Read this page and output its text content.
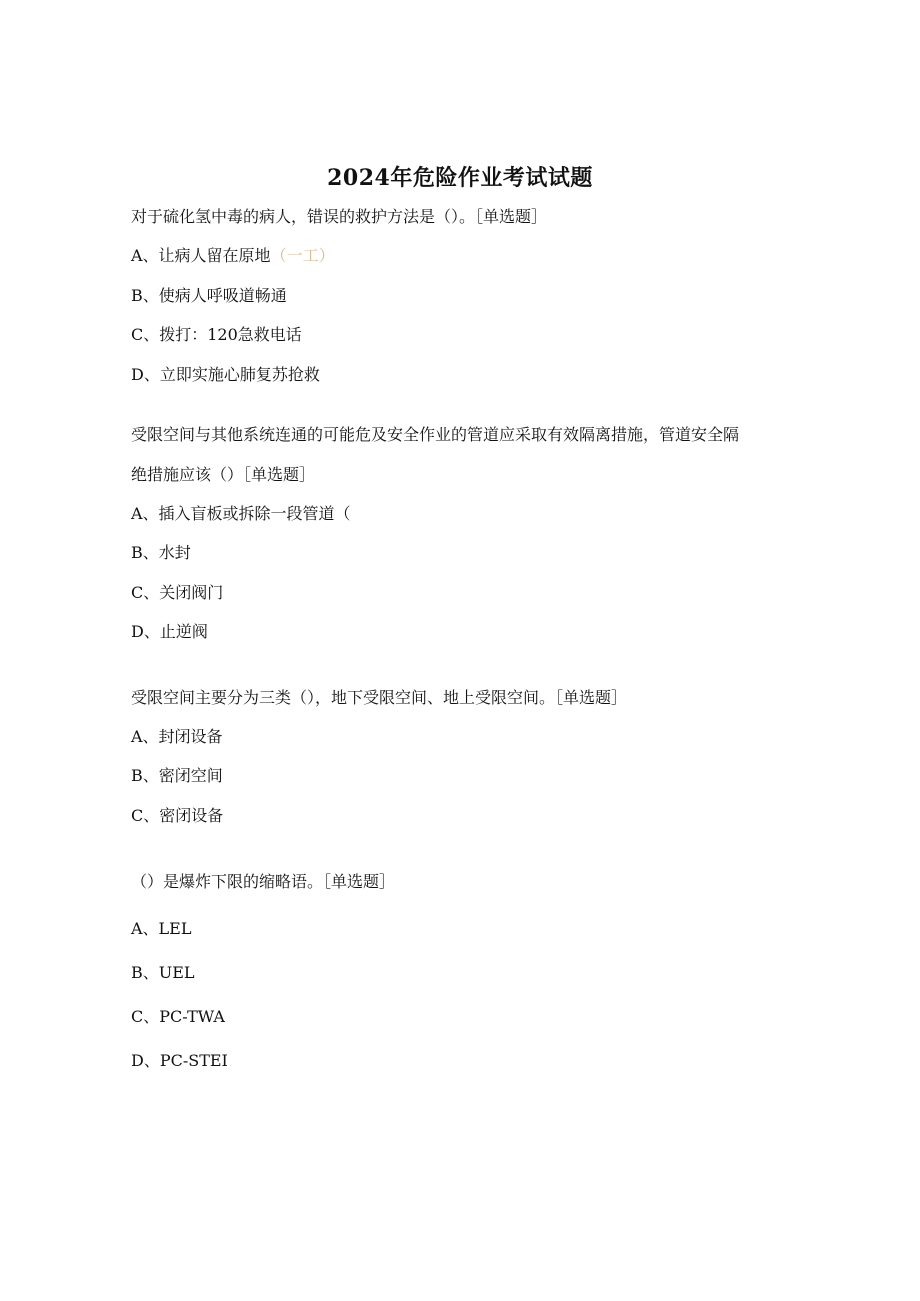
2024年危险作业考试试题
对于硫化氢中毒的病人，错误的救护方法是（）。［单选题］
A、让病人留在原地（一工）
B、使病人呼吸道畅通
C、拨打：120急救电话
D、立即实施心肺复苏抢救
受限空间与其他系统连通的可能危及安全作业的管道应采取有效隔离措施，管道安全隔
绝措施应该（）［单选题］
A、插入盲板或拆除一段管道（
B、水封
C、关闭阀门
D、止逆阀
受限空间主要分为三类（），地下受限空间、地上受限空间。［单选题］
A、封闭设备
B、密闭空间
C、密闭设备
（）是爆炸下限的缩略语。［单选题］
A、LEL
B、UEL
C、PC-TWA
D、PC-STEI
